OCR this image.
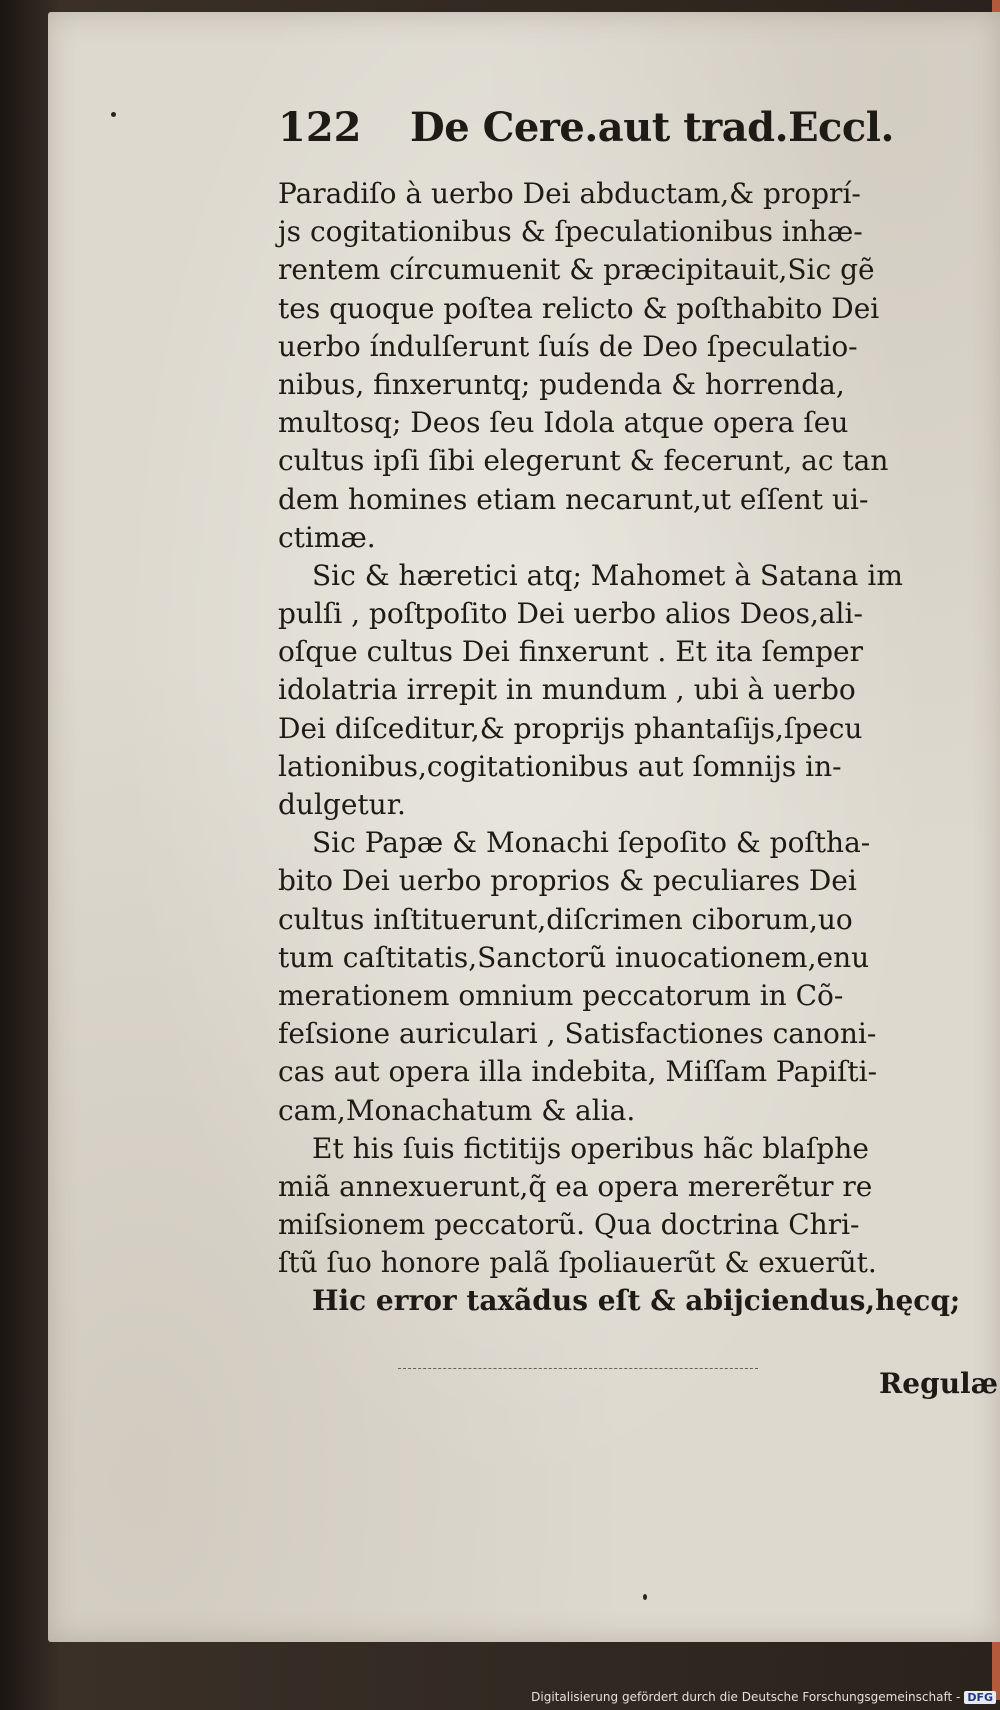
122 De Cere.aut trad.Eccl.
Paradiſo à uerbo Dei abductam,& proprí-
js cogitationibus & ſpeculationibus inhæ-
rentem círcumuenit & præcipitauit,Sic gẽ
tes quoque poſtea relicto & poſthabito Dei
uerbo índulſerunt ſuís de Deo ſpeculatio-
nibus, finxeruntq; pudenda & horrenda,
multosq; Deos ſeu Idola atque opera ſeu
cultus ipſi ſibi elegerunt & fecerunt, ac tan
dem homines etiam necarunt,ut eſſent ui-
ctimæ.
Sic & hæretici atq; Mahomet à Satana im
pulſi , poſtpoſito Dei uerbo alios Deos,ali-
oſque cultus Dei finxerunt . Et ita ſemper
idolatria irrepit in mundum , ubi à uerbo
Dei diſceditur,& proprijs phantaſijs,ſpecu
lationibus,cogitationibus aut ſomnijs in-
dulgetur.
Sic Papæ & Monachi ſepoſito & poſtha-
bito Dei uerbo proprios & peculiares Dei
cultus inſtituerunt,diſcrimen ciborum,uo
tum caſtitatis,Sanctorũ inuocationem,enu
merationem omnium peccatorum in Cõ-
feſsione auriculari , Satisfactiones canoni-
cas aut opera illa indebita, Miſſam Papiſti-
cam,Monachatum & alia.
Et his ſuis fictitijs operibus hãc blaſphe
miã annexuerunt,q̃ ea opera mererẽtur re
miſsionem peccatorũ. Qua doctrina Chri-
ſtũ ſuo honore palã ſpoliauerũt & exuerũt.
Hic error taxãdus eſt & abijciendus,hęcq;
Regulæ
Digitalisierung gefördert durch die Deutsche Forschungsgemeinschaft - DFG
